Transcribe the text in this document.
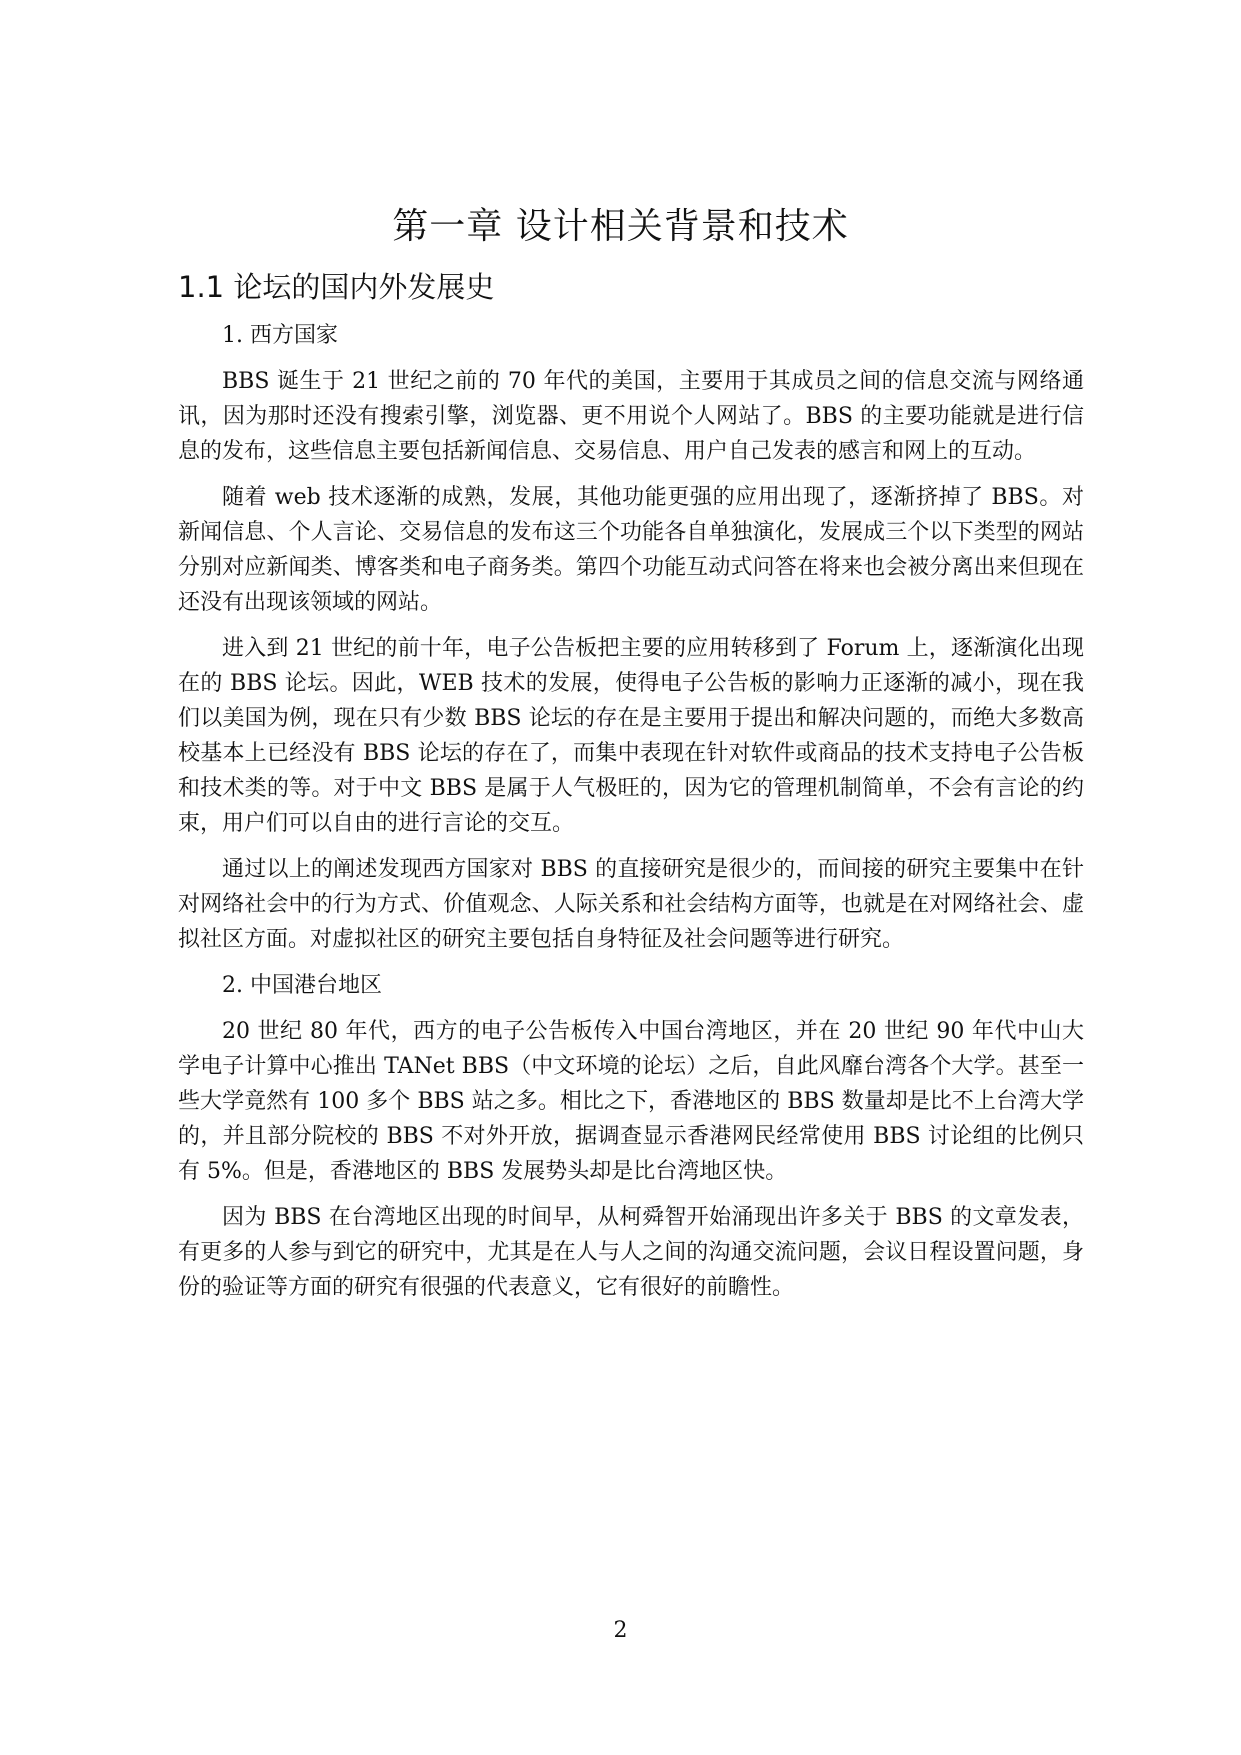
第一章 设计相关背景和技术
1.1 论坛的国内外发展史

1. 西方国家

BBS 诞生于 21 世纪之前的 70 年代的美国，主要用于其成员之间的信息交流与网络通讯，因为那时还没有搜索引擎，浏览器、更不用说个人网站了。BBS 的主要功能就是进行信息的发布，这些信息主要包括新闻信息、交易信息、用户自己发表的感言和网上的互动。

随着 web 技术逐渐的成熟，发展，其他功能更强的应用出现了，逐渐挤掉了 BBS。对新闻信息、个人言论、交易信息的发布这三个功能各自单独演化，发展成三个以下类型的网站分别对应新闻类、博客类和电子商务类。第四个功能互动式问答在将来也会被分离出来但现在还没有出现该领域的网站。

进入到 21 世纪的前十年，电子公告板把主要的应用转移到了 Forum 上，逐渐演化出现在的 BBS 论坛。因此，WEB 技术的发展，使得电子公告板的影响力正逐渐的减小，现在我们以美国为例，现在只有少数 BBS 论坛的存在是主要用于提出和解决问题的，而绝大多数高校基本上已经没有 BBS 论坛的存在了，而集中表现在针对软件或商品的技术支持电子公告板和技术类的等。对于中文 BBS 是属于人气极旺的，因为它的管理机制简单，不会有言论的约束，用户们可以自由的进行言论的交互。

通过以上的阐述发现西方国家对 BBS 的直接研究是很少的，而间接的研究主要集中在针对网络社会中的行为方式、价值观念、人际关系和社会结构方面等，也就是在对网络社会、虚拟社区方面。对虚拟社区的研究主要包括自身特征及社会问题等进行研究。

2. 中国港台地区

20 世纪 80 年代，西方的电子公告板传入中国台湾地区，并在 20 世纪 90 年代中山大学电子计算中心推出 TANet BBS（中文环境的论坛）之后，自此风靡台湾各个大学。甚至一些大学竟然有 100 多个 BBS 站之多。相比之下，香港地区的 BBS 数量却是比不上台湾大学的，并且部分院校的 BBS 不对外开放，据调查显示香港网民经常使用 BBS 讨论组的比例只有 5%。但是，香港地区的 BBS 发展势头却是比台湾地区快。

因为 BBS 在台湾地区出现的时间早，从柯舜智开始涌现出许多关于 BBS 的文章发表，有更多的人参与到它的研究中，尤其是在人与人之间的沟通交流问题，会议日程设置问题，身份的验证等方面的研究有很强的代表意义，它有很好的前瞻性。

2
